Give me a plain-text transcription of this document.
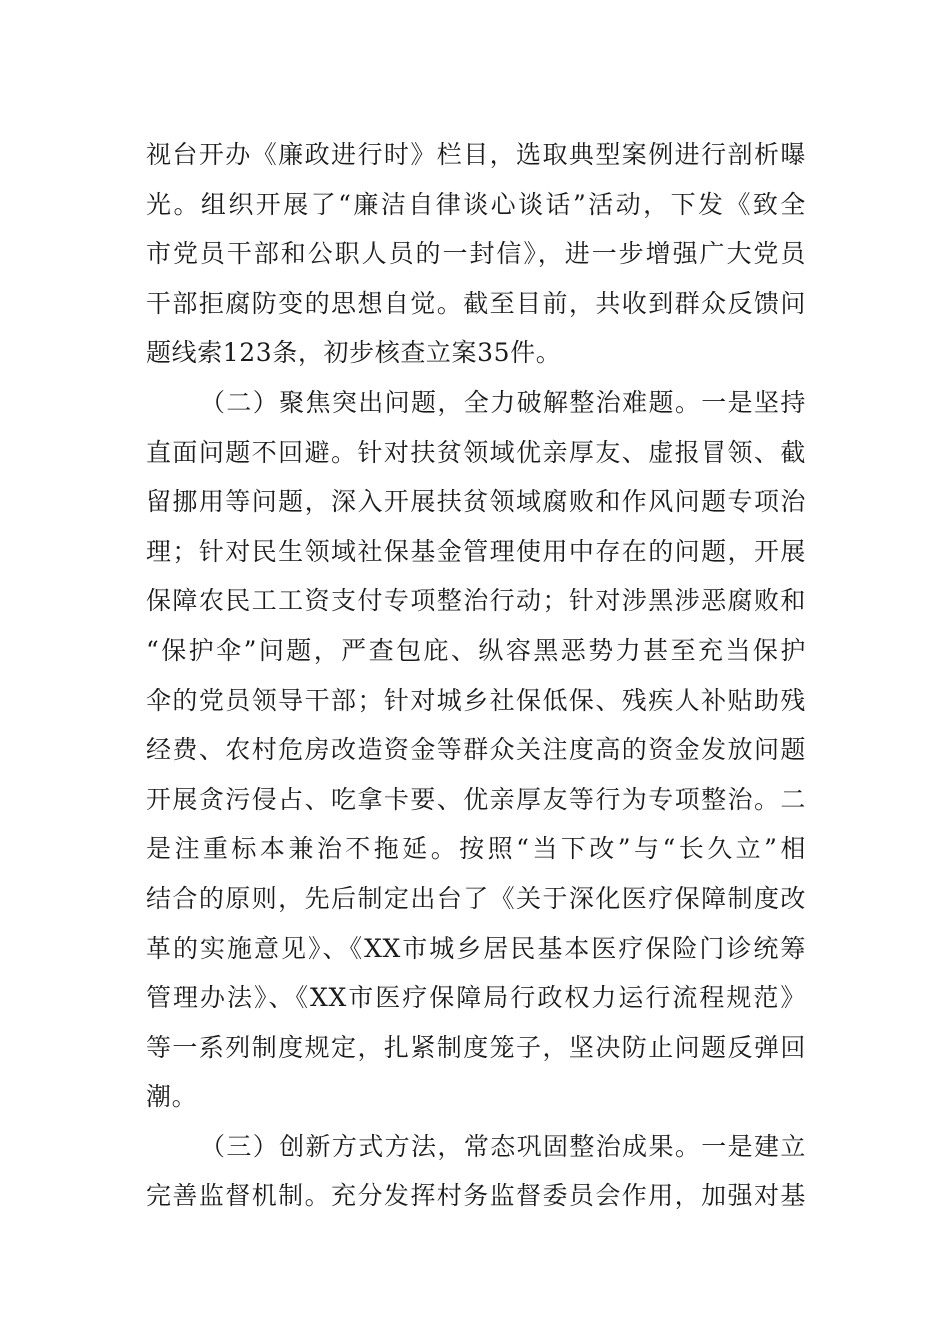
视台开办《廉政进行时》栏目，选取典型案例进行剖析曝
光。组织开展了“廉洁自律谈心谈话”活动，下发《致全
市党员干部和公职人员的一封信》，进一步增强广大党员
干部拒腐防变的思想自觉。截至目前，共收到群众反馈问
题线索123条，初步核查立案35件。
（二）聚焦突出问题，全力破解整治难题。一是坚持
直面问题不回避。针对扶贫领域优亲厚友、虚报冒领、截
留挪用等问题，深入开展扶贫领域腐败和作风问题专项治
理；针对民生领域社保基金管理使用中存在的问题，开展
保障农民工工资支付专项整治行动；针对涉黑涉恶腐败和
“保护伞”问题，严查包庇、纵容黑恶势力甚至充当保护
伞的党员领导干部；针对城乡社保低保、残疾人补贴助残
经费、农村危房改造资金等群众关注度高的资金发放问题
开展贪污侵占、吃拿卡要、优亲厚友等行为专项整治。二
是注重标本兼治不拖延。按照“当下改”与“长久立”相
结合的原则，先后制定出台了《关于深化医疗保障制度改
革的实施意见》、《XX市城乡居民基本医疗保险门诊统筹
管理办法》、《XX市医疗保障局行政权力运行流程规范》
等一系列制度规定，扎紧制度笼子，坚决防止问题反弹回
潮。
（三）创新方式方法，常态巩固整治成果。一是建立
完善监督机制。充分发挥村务监督委员会作用，加强对基
